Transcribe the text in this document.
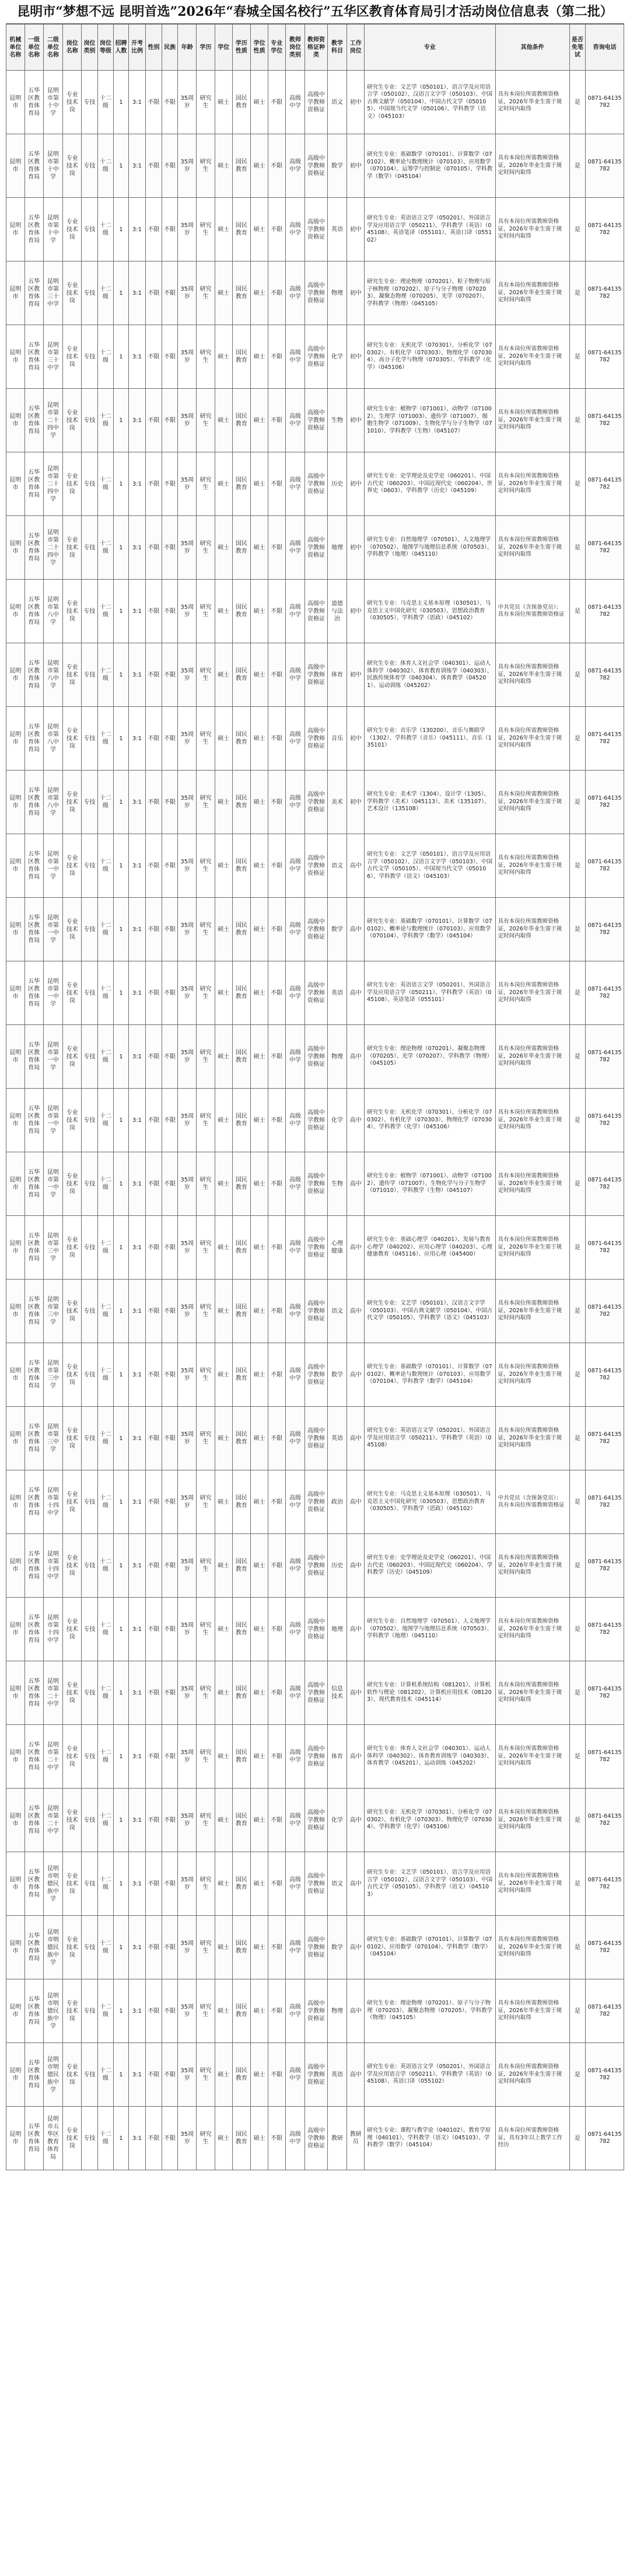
昆明市“梦想不远 昆明首选”2026年“春城全国名校行”五华区教育体育局引才活动岗位信息表（第二批）
机械单位名称	一级单位名称	二级单位名称	岗位名称	岗位类别	岗位等级	招聘人数	开考比例	性别	民族	年龄	学历	学位	学历性质	学位性质	专业学位	教师岗位类别	教师资格证种类	教学科目	工作岗位	专业	其他条件	是否免笔试	咨询电话
昆明市	五华区教育体育局	昆明市第十中学	专业技术岗	专技	十二级	1	3:1	不限	不限	35周岁	研究生	硕士	国民教育	硕士	不限	高级中学	高级中学教师资格证	语文	初中	研究生专业：文艺学（050101）、语言学及应用语言学（050102）、汉语言文字学（050103）、中国古典文献学（050104）、中国古代文学（050105）、中国现当代文学（050106）、学科教学（语文）（045103）	具有本岗位所需教师资格证，2026年毕业生需于规定时间内取得	是	0871-64135782
昆明市	五华区教育体育局	昆明市第十中学	专业技术岗	专技	十二级	1	3:1	不限	不限	35周岁	研究生	硕士	国民教育	硕士	不限	高级中学	高级中学教师资格证	数学	初中	研究生专业：基础数学（070101）、计算数学（070102）、概率论与数理统计（070103）、应用数学（070104）、运筹学与控制论（070105）、学科教学（数学）（045104）	具有本岗位所需教师资格证，2026年毕业生需于规定时间内取得	是	0871-64135782
昆明市	五华区教育体育局	昆明市第十中学	专业技术岗	专技	十二级	1	3:1	不限	不限	35周岁	研究生	硕士	国民教育	硕士	不限	高级中学	高级中学教师资格证	英语	初中	研究生专业：英语语言文学（050201）、外国语言学及应用语言学（050211）、学科教学（英语）（045108）、英语笔译（055101）、英语口译（055102）	具有本岗位所需教师资格证，2026年毕业生需于规定时间内取得	是	0871-64135782
昆明市	五华区教育体育局	昆明市第三十中学	专业技术岗	专技	十二级	1	3:1	不限	不限	35周岁	研究生	硕士	国民教育	硕士	不限	高级中学	高级中学教师资格证	物理	初中	研究生专业：理论物理（070201）、粒子物理与原子核物理（070202）、原子与分子物理（070203）、凝聚态物理（070205）、光学（070207）、学科教学（物理）（045105）	具有本岗位所需教师资格证，2026年毕业生需于规定时间内取得	是	0871-64135782
昆明市	五华区教育体育局	昆明市第三十中学	专业技术岗	专技	十二级	1	3:1	不限	不限	35周岁	研究生	硕士	国民教育	硕士	不限	高级中学	高级中学教师资格证	化学	初中	研究生专业：无机化学（070301）、分析化学（070302）、有机化学（070303）、物理化学（070304）、高分子化学与物理（070305）、学科教学（化学）（045106）	具有本岗位所需教师资格证，2026年毕业生需于规定时间内取得	是	0871-64135782
昆明市	五华区教育体育局	昆明市第二十四中学	专业技术岗	专技	十二级	1	3:1	不限	不限	35周岁	研究生	硕士	国民教育	硕士	不限	高级中学	高级中学教师资格证	生物	初中	研究生专业：植物学（071001）、动物学（071002）、生理学（071003）、遗传学（071007）、细胞生物学（071009）、生物化学与分子生物学（071010）、学科教学（生物）（045107）	具有本岗位所需教师资格证，2026年毕业生需于规定时间内取得	是	0871-64135782
昆明市	五华区教育体育局	昆明市第二十四中学	专业技术岗	专技	十二级	1	3:1	不限	不限	35周岁	研究生	硕士	国民教育	硕士	不限	高级中学	高级中学教师资格证	历史	初中	研究生专业：史学理论及史学史（060201）、中国古代史（060203）、中国近现代史（060204）、世界史（0603）、学科教学（历史）（045109）	具有本岗位所需教师资格证，2026年毕业生需于规定时间内取得	是	0871-64135782
昆明市	五华区教育体育局	昆明市第二十四中学	专业技术岗	专技	十二级	1	3:1	不限	不限	35周岁	研究生	硕士	国民教育	硕士	不限	高级中学	高级中学教师资格证	地理	初中	研究生专业：自然地理学（070501）、人文地理学（070502）、地图学与地理信息系统（070503）、学科教学（地理）（045110）	具有本岗位所需教师资格证，2026年毕业生需于规定时间内取得	是	0871-64135782
昆明市	五华区教育体育局	昆明市第八中学	专业技术岗	专技	十二级	1	3:1	不限	不限	35周岁	研究生	硕士	国民教育	硕士	不限	高级中学	高级中学教师资格证	道德与法治	初中	研究生专业：马克思主义基本原理（030501）、马克思主义中国化研究（030503）、思想政治教育（030505）、学科教学（思政）（045102）	中共党员（含预备党员）；具有本岗位所需教师资格证	是	0871-64135782
昆明市	五华区教育体育局	昆明市第八中学	专业技术岗	专技	十二级	1	3:1	不限	不限	35周岁	研究生	硕士	国民教育	硕士	不限	高级中学	高级中学教师资格证	体育	初中	研究生专业：体育人文社会学（040301）、运动人体科学（040302）、体育教育训练学（040303）、民族传统体育学（040304）、体育教学（045201）、运动训练（045202）	具有本岗位所需教师资格证，2026年毕业生需于规定时间内取得	是	0871-64135782
昆明市	五华区教育体育局	昆明市第八中学	专业技术岗	专技	十二级	1	3:1	不限	不限	35周岁	研究生	硕士	国民教育	硕士	不限	高级中学	高级中学教师资格证	音乐	初中	研究生专业：音乐学（130200）、音乐与舞蹈学（1302）、学科教学（音乐）（045111）、音乐（135101）	具有本岗位所需教师资格证，2026年毕业生需于规定时间内取得	是	0871-64135782
昆明市	五华区教育体育局	昆明市第八中学	专业技术岗	专技	十二级	1	3:1	不限	不限	35周岁	研究生	硕士	国民教育	硕士	不限	高级中学	高级中学教师资格证	美术	初中	研究生专业：美术学（1304）、设计学（1305）、学科教学（美术）（045113）、美术（135107）、艺术设计（135108）	具有本岗位所需教师资格证，2026年毕业生需于规定时间内取得	是	0871-64135782
昆明市	五华区教育体育局	昆明市第一中学	专业技术岗	专技	十二级	1	3:1	不限	不限	35周岁	研究生	硕士	国民教育	硕士	不限	高级中学	高级中学教师资格证	语文	高中	研究生专业：文艺学（050101）、语言学及应用语言学（050102）、汉语言文字学（050103）、中国古代文学（050105）、中国现当代文学（050106）、学科教学（语文）（045103）	具有本岗位所需教师资格证，2026年毕业生需于规定时间内取得	是	0871-64135782
昆明市	五华区教育体育局	昆明市第一中学	专业技术岗	专技	十二级	1	3:1	不限	不限	35周岁	研究生	硕士	国民教育	硕士	不限	高级中学	高级中学教师资格证	数学	高中	研究生专业：基础数学（070101）、计算数学（070102）、概率论与数理统计（070103）、应用数学（070104）、学科教学（数学）（045104）	具有本岗位所需教师资格证，2026年毕业生需于规定时间内取得	是	0871-64135782
昆明市	五华区教育体育局	昆明市第一中学	专业技术岗	专技	十二级	1	3:1	不限	不限	35周岁	研究生	硕士	国民教育	硕士	不限	高级中学	高级中学教师资格证	英语	高中	研究生专业：英语语言文学（050201）、外国语言学及应用语言学（050211）、学科教学（英语）（045108）、英语笔译（055101）	具有本岗位所需教师资格证，2026年毕业生需于规定时间内取得	是	0871-64135782
昆明市	五华区教育体育局	昆明市第一中学	专业技术岗	专技	十二级	1	3:1	不限	不限	35周岁	研究生	硕士	国民教育	硕士	不限	高级中学	高级中学教师资格证	物理	高中	研究生专业：理论物理（070201）、凝聚态物理（070205）、光学（070207）、学科教学（物理）（045105）	具有本岗位所需教师资格证，2026年毕业生需于规定时间内取得	是	0871-64135782
昆明市	五华区教育体育局	昆明市第一中学	专业技术岗	专技	十二级	1	3:1	不限	不限	35周岁	研究生	硕士	国民教育	硕士	不限	高级中学	高级中学教师资格证	化学	高中	研究生专业：无机化学（070301）、分析化学（070302）、有机化学（070303）、物理化学（070304）、学科教学（化学）（045106）	具有本岗位所需教师资格证，2026年毕业生需于规定时间内取得	是	0871-64135782
昆明市	五华区教育体育局	昆明市第一中学	专业技术岗	专技	十二级	1	3:1	不限	不限	35周岁	研究生	硕士	国民教育	硕士	不限	高级中学	高级中学教师资格证	生物	高中	研究生专业：植物学（071001）、动物学（071002）、遗传学（071007）、生物化学与分子生物学（071010）、学科教学（生物）（045107）	具有本岗位所需教师资格证，2026年毕业生需于规定时间内取得	是	0871-64135782
昆明市	五华区教育体育局	昆明市第三中学	专业技术岗	专技	十二级	1	3:1	不限	不限	35周岁	研究生	硕士	国民教育	硕士	不限	高级中学	高级中学教师资格证	心理健康	高中	研究生专业：基础心理学（040201）、发展与教育心理学（040202）、应用心理学（040203）、心理健康教育（045116）、应用心理（045400）	具有本岗位所需教师资格证，2026年毕业生需于规定时间内取得	是	0871-64135782
昆明市	五华区教育体育局	昆明市第三中学	专业技术岗	专技	十二级	1	3:1	不限	不限	35周岁	研究生	硕士	国民教育	硕士	不限	高级中学	高级中学教师资格证	语文	高中	研究生专业：文艺学（050101）、汉语言文字学（050103）、中国古典文献学（050104）、中国古代文学（050105）、学科教学（语文）（045103）	具有本岗位所需教师资格证，2026年毕业生需于规定时间内取得	是	0871-64135782
昆明市	五华区教育体育局	昆明市第三中学	专业技术岗	专技	十二级	1	3:1	不限	不限	35周岁	研究生	硕士	国民教育	硕士	不限	高级中学	高级中学教师资格证	数学	高中	研究生专业：基础数学（070101）、计算数学（070102）、概率论与数理统计（070103）、应用数学（070104）、学科教学（数学）（045104）	具有本岗位所需教师资格证，2026年毕业生需于规定时间内取得	是	0871-64135782
昆明市	五华区教育体育局	昆明市第三中学	专业技术岗	专技	十二级	1	3:1	不限	不限	35周岁	研究生	硕士	国民教育	硕士	不限	高级中学	高级中学教师资格证	英语	高中	研究生专业：英语语言文学（050201）、外国语言学及应用语言学（050211）、学科教学（英语）（045108）	具有本岗位所需教师资格证，2026年毕业生需于规定时间内取得	是	0871-64135782
昆明市	五华区教育体育局	昆明市第十四中学	专业技术岗	专技	十二级	1	3:1	不限	不限	35周岁	研究生	硕士	国民教育	硕士	不限	高级中学	高级中学教师资格证	政治	高中	研究生专业：马克思主义基本原理（030501）、马克思主义中国化研究（030503）、思想政治教育（030505）、学科教学（思政）（045102）	中共党员（含预备党员）；具有本岗位所需教师资格证	是	0871-64135782
昆明市	五华区教育体育局	昆明市第十四中学	专业技术岗	专技	十二级	1	3:1	不限	不限	35周岁	研究生	硕士	国民教育	硕士	不限	高级中学	高级中学教师资格证	历史	高中	研究生专业：史学理论及史学史（060201）、中国古代史（060203）、中国近现代史（060204）、学科教学（历史）（045109）	具有本岗位所需教师资格证，2026年毕业生需于规定时间内取得	是	0871-64135782
昆明市	五华区教育体育局	昆明市第十四中学	专业技术岗	专技	十二级	1	3:1	不限	不限	35周岁	研究生	硕士	国民教育	硕士	不限	高级中学	高级中学教师资格证	地理	高中	研究生专业：自然地理学（070501）、人文地理学（070502）、地图学与地理信息系统（070503）、学科教学（地理）（045110）	具有本岗位所需教师资格证，2026年毕业生需于规定时间内取得	是	0871-64135782
昆明市	五华区教育体育局	昆明市第二十中学	专业技术岗	专技	十二级	1	3:1	不限	不限	35周岁	研究生	硕士	国民教育	硕士	不限	高级中学	高级中学教师资格证	信息技术	高中	研究生专业：计算机系统结构（081201）、计算机软件与理论（081202）、计算机应用技术（081203）、现代教育技术（045114）	具有本岗位所需教师资格证，2026年毕业生需于规定时间内取得	是	0871-64135782
昆明市	五华区教育体育局	昆明市第二十中学	专业技术岗	专技	十二级	1	3:1	不限	不限	35周岁	研究生	硕士	国民教育	硕士	不限	高级中学	高级中学教师资格证	体育	高中	研究生专业：体育人文社会学（040301）、运动人体科学（040302）、体育教育训练学（040303）、体育教学（045201）、运动训练（045202）	具有本岗位所需教师资格证，2026年毕业生需于规定时间内取得	是	0871-64135782
昆明市	五华区教育体育局	昆明市第二十中学	专业技术岗	专技	十二级	1	3:1	不限	不限	35周岁	研究生	硕士	国民教育	硕士	不限	高级中学	高级中学教师资格证	化学	高中	研究生专业：无机化学（070301）、分析化学（070302）、有机化学（070303）、物理化学（070304）、学科教学（化学）（045106）	具有本岗位所需教师资格证，2026年毕业生需于规定时间内取得	是	0871-64135782
昆明市	五华区教育体育局	昆明市明德民族中学	专业技术岗	专技	十二级	1	3:1	不限	不限	35周岁	研究生	硕士	国民教育	硕士	不限	高级中学	高级中学教师资格证	语文	高中	研究生专业：文艺学（050101）、语言学及应用语言学（050102）、汉语言文字学（050103）、中国古代文学（050105）、学科教学（语文）（045103）	具有本岗位所需教师资格证，2026年毕业生需于规定时间内取得	是	0871-64135782
昆明市	五华区教育体育局	昆明市明德民族中学	专业技术岗	专技	十二级	1	3:1	不限	不限	35周岁	研究生	硕士	国民教育	硕士	不限	高级中学	高级中学教师资格证	数学	高中	研究生专业：基础数学（070101）、计算数学（070102）、应用数学（070104）、学科教学（数学）（045104）	具有本岗位所需教师资格证，2026年毕业生需于规定时间内取得	是	0871-64135782
昆明市	五华区教育体育局	昆明市明德民族中学	专业技术岗	专技	十二级	1	3:1	不限	不限	35周岁	研究生	硕士	国民教育	硕士	不限	高级中学	高级中学教师资格证	物理	高中	研究生专业：理论物理（070201）、原子与分子物理（070203）、凝聚态物理（070205）、学科教学（物理）（045105）	具有本岗位所需教师资格证，2026年毕业生需于规定时间内取得	是	0871-64135782
昆明市	五华区教育体育局	昆明市明德民族中学	专业技术岗	专技	十二级	1	3:1	不限	不限	35周岁	研究生	硕士	国民教育	硕士	不限	高级中学	高级中学教师资格证	英语	高中	研究生专业：英语语言文学（050201）、外国语言学及应用语言学（050211）、学科教学（英语）（045108）、英语口译（055102）	具有本岗位所需教师资格证，2026年毕业生需于规定时间内取得	是	0871-64135782
昆明市	五华区教育体育局	昆明市五华区教育体育局	专业技术岗	专技	十二级	1	3:1	不限	不限	35周岁	研究生	硕士	国民教育	硕士	不限	高级中学	高级中学教师资格证	教研	教研员	研究生专业：课程与教学论（040102）、教育学原理（040101）、学科教学（语文）（045103）、学科教学（数学）（045104）	具有本岗位所需教师资格证，具有3年以上教学工作经历	是	0871-64135782
